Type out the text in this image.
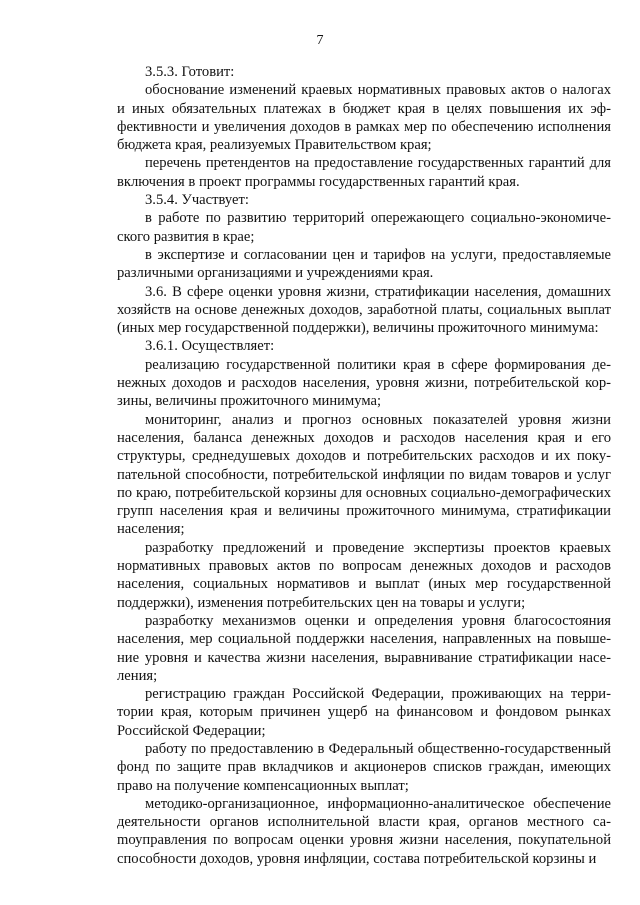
7

3.5.3. Готовит:

обоснование изменений краевых нормативных правовых актов о налогах и иных обязательных платежах в бюджет края в целях повышения их эффективности и увеличения доходов в рамках мер по обеспечению исполнения бюджета края, реализуемых Правительством края;

перечень претендентов на предоставление государственных гарантий для включения в проект программы государственных гарантий края.

3.5.4. Участвует:

в работе по развитию территорий опережающего социально-экономического развития в крае;

в экспертизе и согласовании цен и тарифов на услуги, предоставляемые различными организациями и учреждениями края.

3.6. В сфере оценки уровня жизни, стратификации населения, домашних хозяйств на основе денежных доходов, заработной платы, социальных выплат (иных мер государственной поддержки), величины прожиточного минимума:

3.6.1. Осуществляет:

реализацию государственной политики края в сфере формирования денежных доходов и расходов населения, уровня жизни, потребительской корзины, величины прожиточного минимума;

мониторинг, анализ и прогноз основных показателей уровня жизни населения, баланса денежных доходов и расходов населения края и его структуры, среднедушевых доходов и потребительских расходов и их покупательной способности, потребительской инфляции по видам товаров и услуг по краю, потребительской корзины для основных социально-демографических групп населения края и величины прожиточного минимума, стратификации населения;

разработку предложений и проведение экспертизы проектов краевых нормативных правовых актов по вопросам денежных доходов и расходов населения, социальных нормативов и выплат (иных мер государственной поддержки), изменения потребительских цен на товары и услуги;

разработку механизмов оценки и определения уровня благосостояния населения, мер социальной поддержки населения, направленных на повышение уровня и качества жизни населения, выравнивание стратификации населения;

регистрацию граждан Российской Федерации, проживающих на территории края, которым причинен ущерб на финансовом и фондовом рынках Российской Федерации;

работу по предоставлению в Федеральный общественно-государственный фонд по защите прав вкладчиков и акционеров списков граждан, имеющих право на получение компенсационных выплат;

методико-организационное, информационно-аналитическое обеспечение деятельности органов исполнительной власти края, органов местного саmоуправления по вопросам оценки уровня жизни населения, покупательной способности доходов, уровня инфляции, состава потребительской корзины и
